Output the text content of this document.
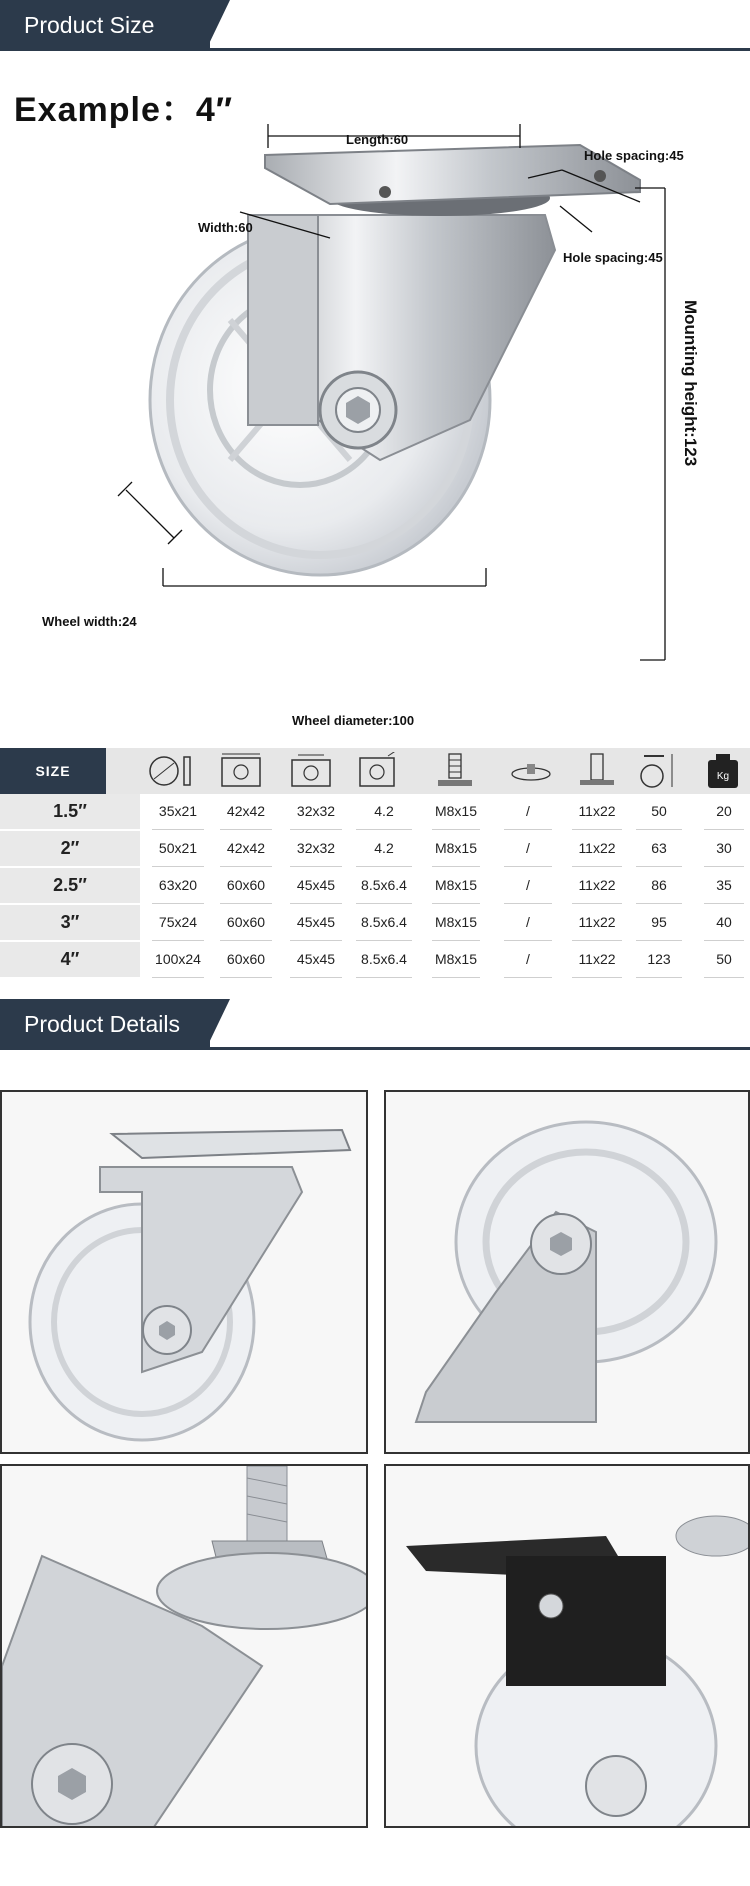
Product Size
Example：4″
Length:60
Hole spacing:45
Width:60
Hole spacing:45
Mounting height:123
Wheel width:24
Wheel diameter:100
SIZE	Kg
1.5″	35x21	42x42	32x32	4.2	M8x15	/	11x22	50	20
2″	50x21	42x42	32x32	4.2	M8x15	/	11x22	63	30
2.5″	63x20	60x60	45x45	8.5x6.4	M8x15	/	11x22	86	35
3″	75x24	60x60	45x45	8.5x6.4	M8x15	/	11x22	95	40
4″	100x24	60x60	45x45	8.5x6.4	M8x15	/	11x22	123	50
Product Details
